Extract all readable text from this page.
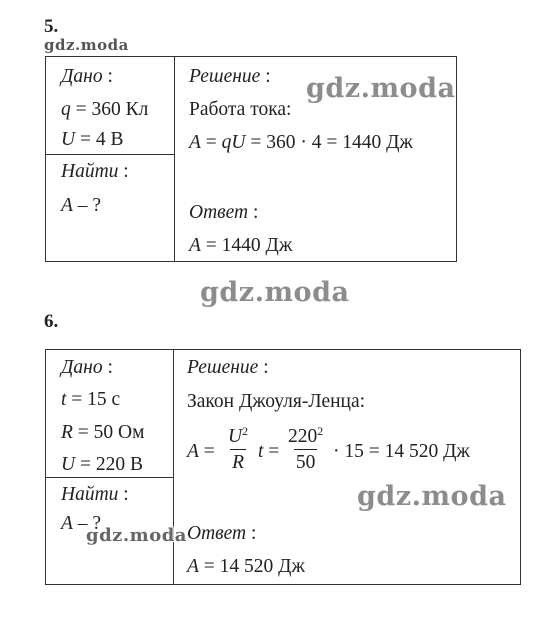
5.
gdz.moda
Дано :
q = 360 Кл
U = 4 В
Найти :
A – ?
Решение :
Работа тока:
A = qU = 360 · 4 = 1440 Дж
Ответ :
A = 1440 Дж
gdz.moda
gdz.moda
6.
Дано :
t = 15 с
R = 50 Ом
U = 220 В
Найти :
A – ?
Решение :
Закон Джоуля-Ленца:
$A = \frac{U^2}{R}$ $t = \frac{220^2}{50} \cdot 15 = 14$ 520 Дж
Ответ :
A = 14 520 Дж
gdz.moda
gdz.moda
